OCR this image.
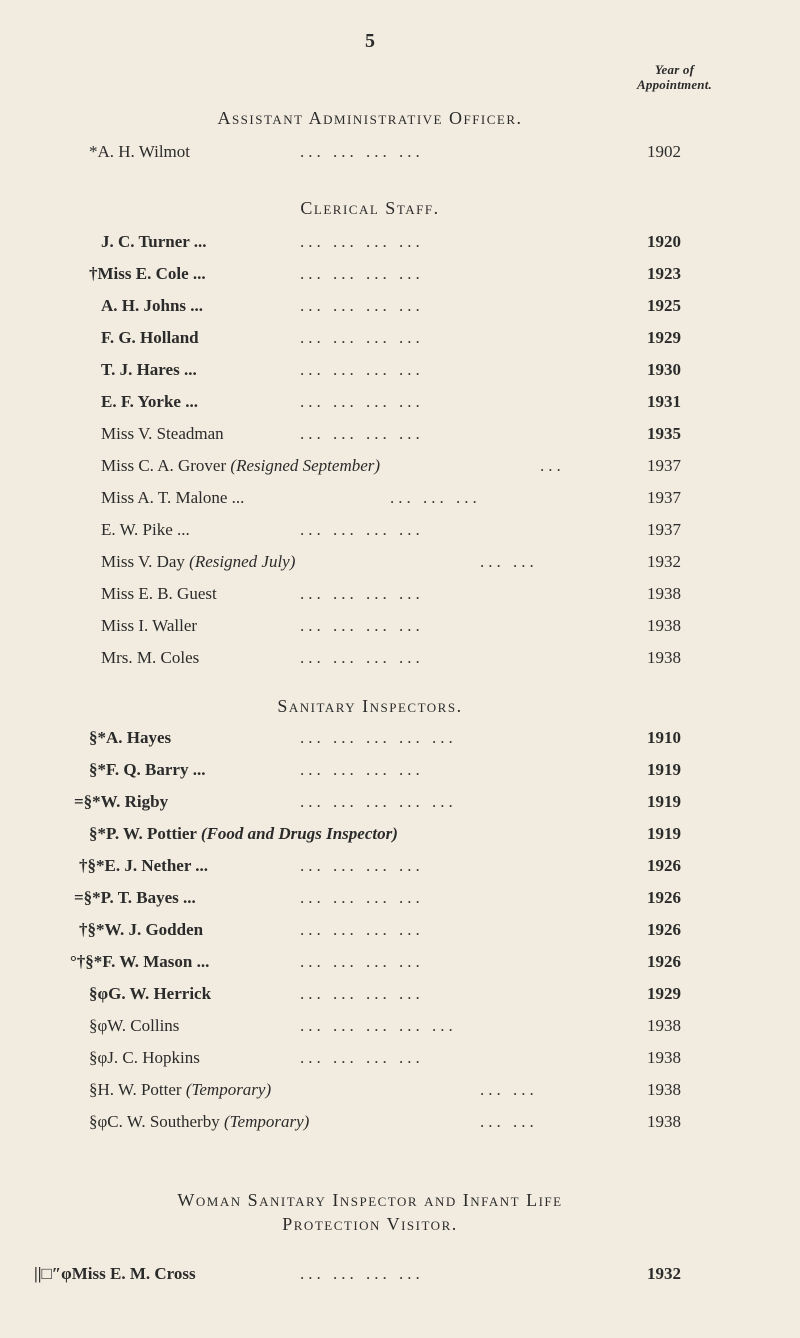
5
Year of
Appointment.
Assistant Administrative Officer.
*A. H. Wilmot	... ... ... ...	1902
Clerical Staff.
J. C. Turner ...	... ... ... ...	1920
†Miss E. Cole ...	... ... ... ...	1923
A. H. Johns ...	... ... ... ...	1925
F. G. Holland	... ... ... ...	1929
T. J. Hares ...	... ... ... ...	1930
E. F. Yorke ...	... ... ... ...	1931
Miss V. Steadman	... ... ... ...	1935
Miss C. A. Grover (Resigned September)	...	1937
Miss A. T. Malone ...	... ... ...	1937
E. W. Pike ...	... ... ... ...	1937
Miss V. Day (Resigned July)	... ...	1932
Miss E. B. Guest	... ... ... ...	1938
Miss I. Waller	... ... ... ...	1938
Mrs. M. Coles	... ... ... ...	1938
Sanitary Inspectors.
§*A. Hayes	... ... ... ... ...	1910
§*F. Q. Barry ...	... ... ... ...	1919
=§*W. Rigby	... ... ... ... ...	1919
§*P. W. Pottier (Food and Drugs Inspector)	1919
†§*E. J. Nether ...	... ... ... ...	1926
=§*P. T. Bayes ...	... ... ... ...	1926
†§*W. J. Godden	... ... ... ...	1926
°†§*F. W. Mason ...	... ... ... ...	1926
§φG. W. Herrick	... ... ... ...	1929
§φW. Collins	... ... ... ... ...	1938
§φJ. C. Hopkins	... ... ... ...	1938
§H. W. Potter (Temporary)	... ...	1938
§φC. W. Southerby (Temporary)	... ...	1938
Woman Sanitary Inspector and Infant Life
Protection Visitor.
||□″φMiss E. M. Cross	... ... ... ...	1932
